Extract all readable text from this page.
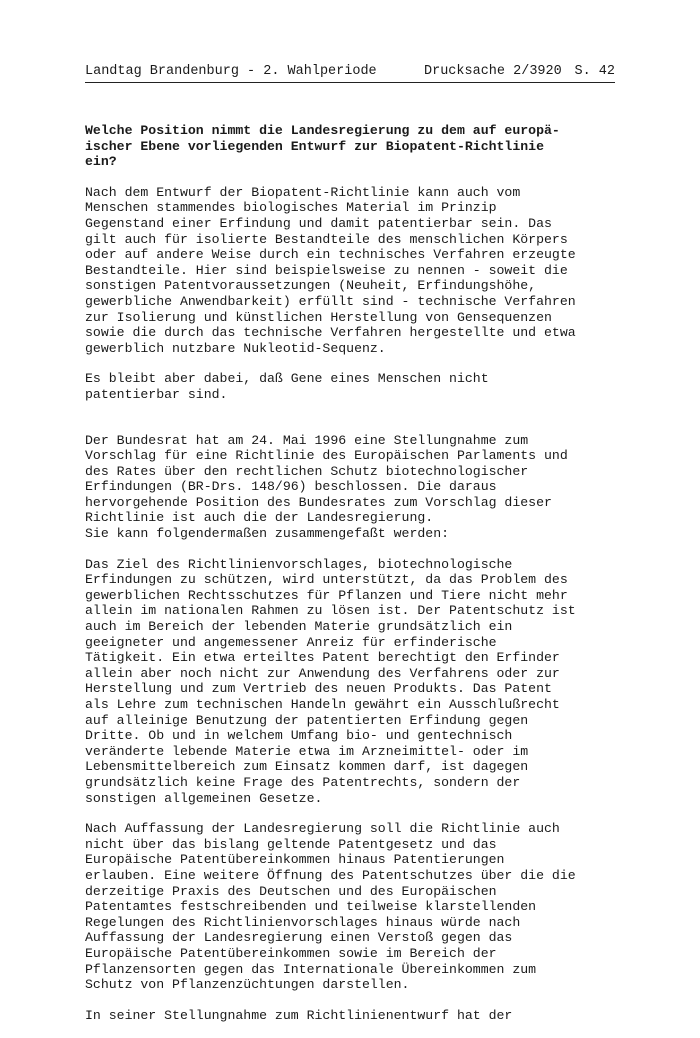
Landtag Brandenburg - 2. Wahlperiode

	Drucksache 2/3920

S. 42

Welche Position nimmt die Landesregierung zu dem auf europä-
ischer Ebene vorliegenden Entwurf zur Biopatent-Richtlinie
ein?

Nach dem Entwurf der Biopatent-Richtlinie kann auch vom
Menschen stammendes biologisches Material im Prinzip
Gegenstand einer Erfindung und damit patentierbar sein. Das
gilt auch für isolierte Bestandteile des menschlichen Körpers
oder auf andere Weise durch ein technisches Verfahren erzeugte
Bestandteile. Hier sind beispielsweise zu nennen - soweit die
sonstigen Patentvoraussetzungen (Neuheit, Erfindungshöhe,
gewerbliche Anwendbarkeit) erfüllt sind - technische Verfahren
zur Isolierung und künstlichen Herstellung von Gensequenzen
sowie die durch das technische Verfahren hergestellte und etwa
gewerblich nutzbare Nukleotid-Sequenz.

Es bleibt aber dabei, daß Gene eines Menschen nicht
patentierbar sind.

Der Bundesrat hat am 24. Mai 1996 eine Stellungnahme zum
Vorschlag für eine Richtlinie des Europäischen Parlaments und
des Rates über den rechtlichen Schutz biotechnologischer
Erfindungen (BR-Drs. 148/96) beschlossen. Die daraus
hervorgehende Position des Bundesrates zum Vorschlag dieser
Richtlinie ist auch die der Landesregierung.
Sie kann folgendermaßen zusammengefaßt werden:

Das Ziel des Richtlinienvorschlages, biotechnologische
Erfindungen zu schützen, wird unterstützt, da das Problem des
gewerblichen Rechtsschutzes für Pflanzen und Tiere nicht mehr
allein im nationalen Rahmen zu lösen ist. Der Patentschutz ist
auch im Bereich der lebenden Materie grundsätzlich ein
geeigneter und angemessener Anreiz für erfinderische
Tätigkeit. Ein etwa erteiltes Patent berechtigt den Erfinder
allein aber noch nicht zur Anwendung des Verfahrens oder zur
Herstellung und zum Vertrieb des neuen Produkts. Das Patent
als Lehre zum technischen Handeln gewährt ein Ausschlußrecht
auf alleinige Benutzung der patentierten Erfindung gegen
Dritte. Ob und in welchem Umfang bio- und gentechnisch
veränderte lebende Materie etwa im Arzneimittel- oder im
Lebensmittelbereich zum Einsatz kommen darf, ist dagegen
grundsätzlich keine Frage des Patentrechts, sondern der
sonstigen allgemeinen Gesetze.

Nach Auffassung der Landesregierung soll die Richtlinie auch
nicht über das bislang geltende Patentgesetz und das
Europäische Patentübereinkommen hinaus Patentierungen
erlauben. Eine weitere Öffnung des Patentschutzes über die die
derzeitige Praxis des Deutschen und des Europäischen
Patentamtes festschreibenden und teilweise klarstellenden
Regelungen des Richtlinienvorschlages hinaus würde nach
Auffassung der Landesregierung einen Verstoß gegen das
Europäische Patentübereinkommen sowie im Bereich der
Pflanzensorten gegen das Internationale Übereinkommen zum
Schutz von Pflanzenzüchtungen darstellen.

In seiner Stellungnahme zum Richtlinienentwurf hat der
